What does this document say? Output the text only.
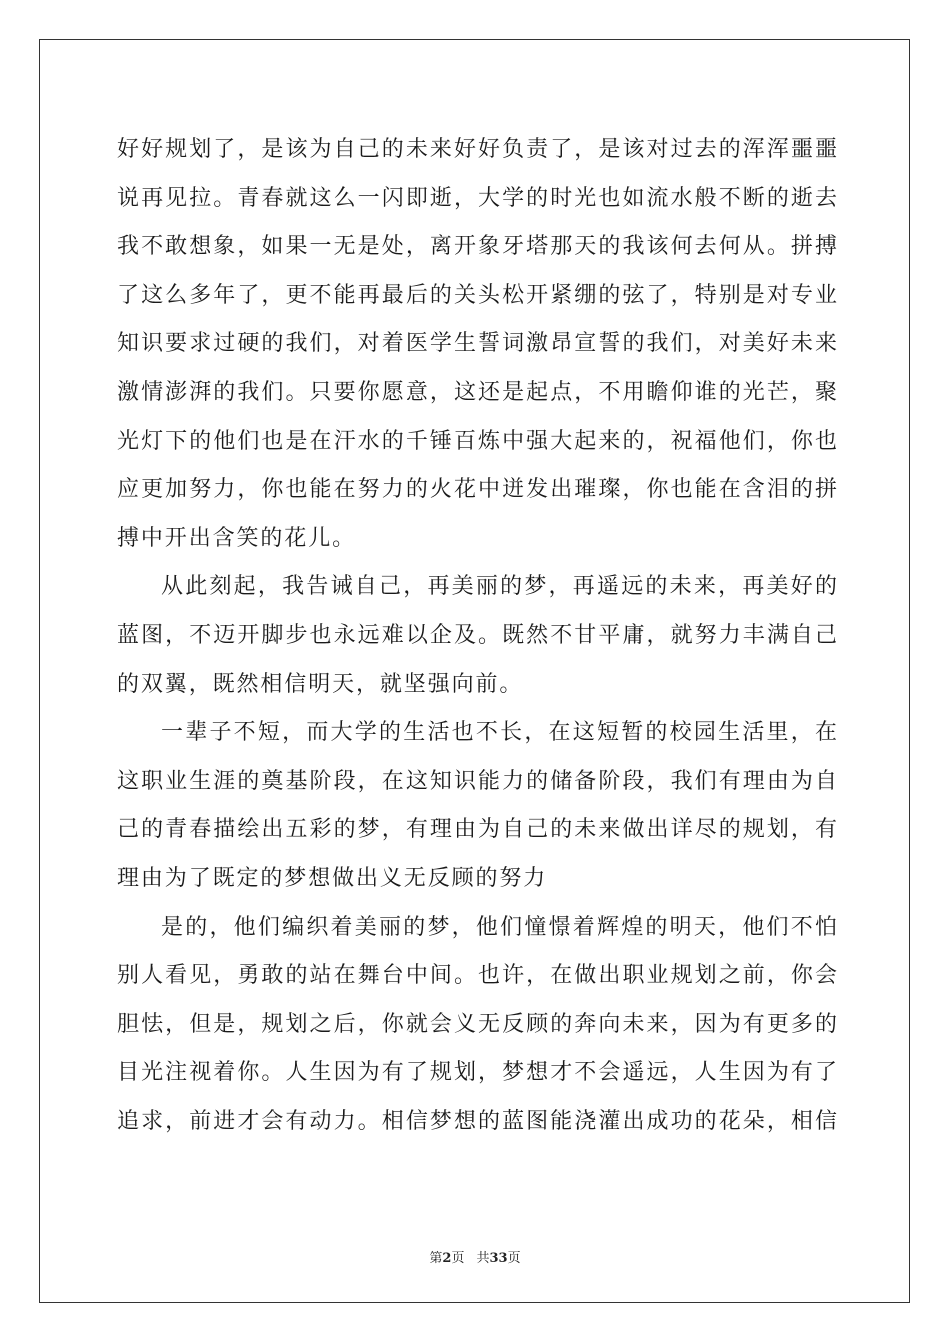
好好规划了，是该为自己的未来好好负责了，是该对过去的浑浑噩噩
说再见拉。青春就这么一闪即逝，大学的时光也如流水般不断的逝去
我不敢想象，如果一无是处，离开象牙塔那天的我该何去何从。拼搏
了这么多年了，更不能再最后的关头松开紧绷的弦了，特别是对专业
知识要求过硬的我们，对着医学生誓词激昂宣誓的我们，对美好未来
激情澎湃的我们。只要你愿意，这还是起点，不用瞻仰谁的光芒，聚
光灯下的他们也是在汗水的千锤百炼中强大起来的，祝福他们，你也
应更加努力，你也能在努力的火花中迸发出璀璨，你也能在含泪的拼
搏中开出含笑的花儿。
从此刻起，我告诫自己，再美丽的梦，再遥远的未来，再美好的
蓝图，不迈开脚步也永远难以企及。既然不甘平庸，就努力丰满自己
的双翼，既然相信明天，就坚强向前。
一辈子不短，而大学的生活也不长，在这短暂的校园生活里，在
这职业生涯的奠基阶段，在这知识能力的储备阶段，我们有理由为自
己的青春描绘出五彩的梦，有理由为自己的未来做出详尽的规划，有
理由为了既定的梦想做出义无反顾的努力
是的，他们编织着美丽的梦，他们憧憬着辉煌的明天，他们不怕
别人看见，勇敢的站在舞台中间。也许，在做出职业规划之前，你会
胆怯，但是，规划之后，你就会义无反顾的奔向未来，因为有更多的
目光注视着你。人生因为有了规划，梦想才不会遥远，人生因为有了
追求，前进才会有动力。相信梦想的蓝图能浇灌出成功的花朵，相信
第2页 共33页
